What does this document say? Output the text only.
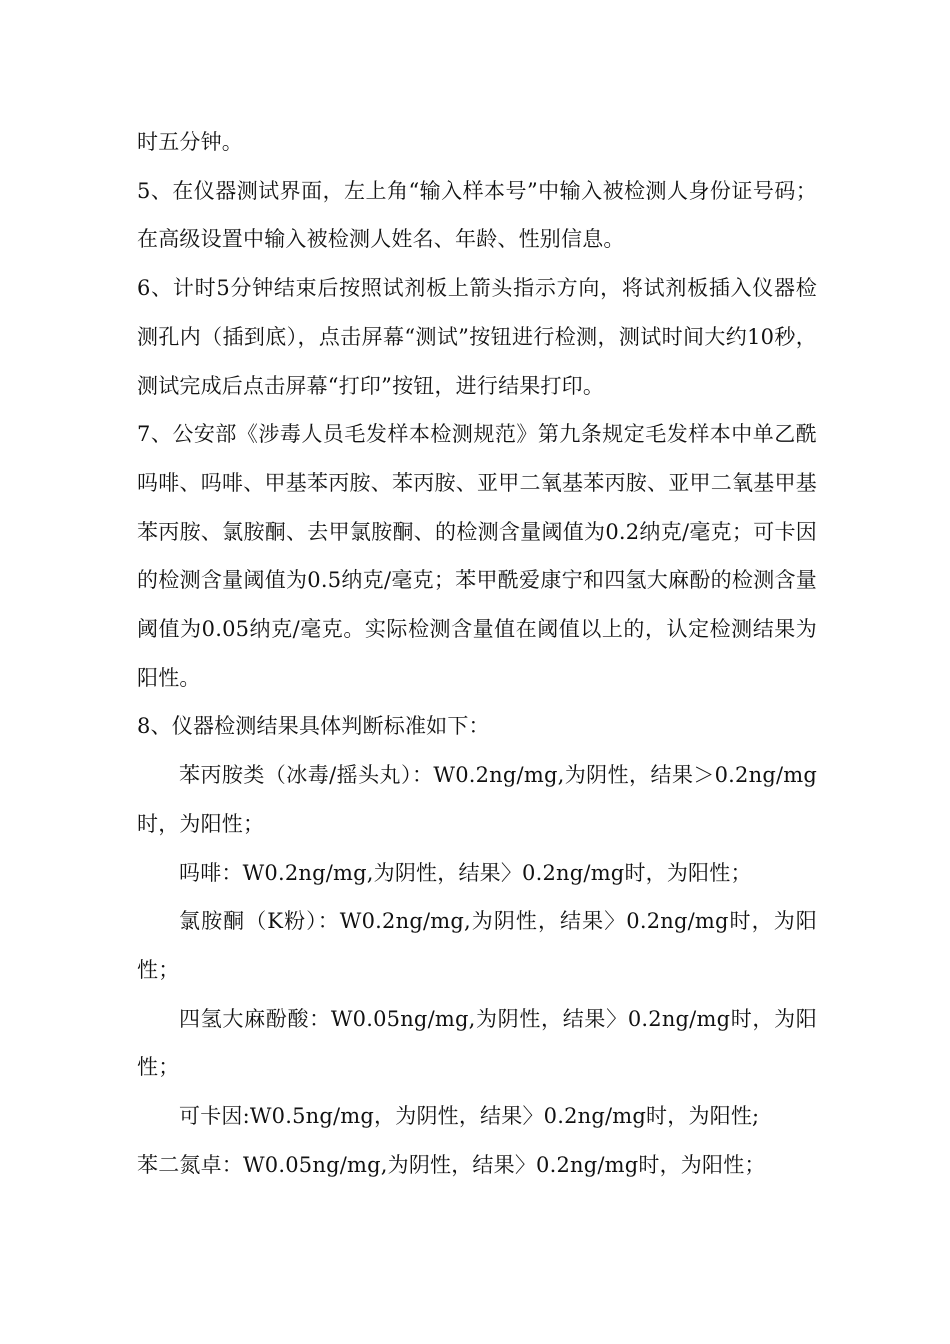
时五分钟。

5、在仪器测试界面，左上角“输入样本号”中输入被检测人身份证号码；在高级设置中输入被检测人姓名、年龄、性别信息。

6、计时5分钟结束后按照试剂板上箭头指示方向，将试剂板插入仪器检测孔内（插到底），点击屏幕“测试”按钮进行检测，测试时间大约10秒，测试完成后点击屏幕“打印”按钮，进行结果打印。

7、公安部《涉毒人员毛发样本检测规范》第九条规定毛发样本中单乙酰吗啡、吗啡、甲基苯丙胺、苯丙胺、亚甲二氧基苯丙胺、亚甲二氧基甲基苯丙胺、氯胺酮、去甲氯胺酮、的检测含量阈值为0.2纳克/毫克；可卡因的检测含量阈值为0.5纳克/毫克；苯甲酰爱康宁和四氢大麻酚的检测含量阈值为0.05纳克/毫克。实际检测含量值在阈值以上的，认定检测结果为阳性。

8、仪器检测结果具体判断标准如下：

苯丙胺类（冰毒/摇头丸）：W0.2ng/mg,为阴性，结果＞0.2ng/mg时，为阳性；

吗啡：W0.2ng/mg,为阴性，结果〉0.2ng/mg时，为阳性；

氯胺酮（K粉）：W0.2ng/mg,为阴性，结果〉0.2ng/mg时，为阳性；

四氢大麻酚酸：W0.05ng/mg,为阴性，结果〉0.2ng/mg时，为阳性；

可卡因:W0.5ng/mg，为阴性，结果〉0.2ng/mg时，为阳性;

苯二氮卓：W0.05ng/mg,为阴性，结果〉0.2ng/mg时，为阳性；
